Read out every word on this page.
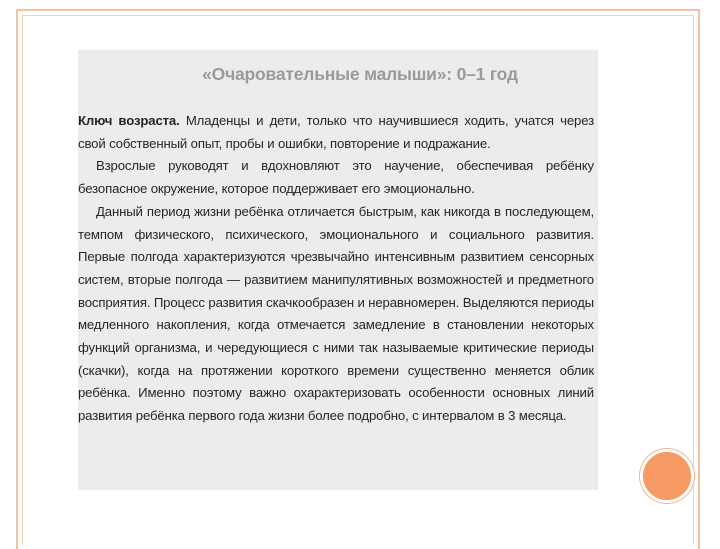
«Очаровательные малыши»: 0–1 год

Ключ возраста. Младенцы и дети, только что научившиеся ходить, учатся через свой собственный опыт, пробы и ошибки, повторение и подражание.

Взрослые руководят и вдохновляют это научение, обеспечивая ребёнку безопасное окружение, которое поддерживает его эмоционально.

Данный период жизни ребёнка отличается быстрым, как никогда в последующем, темпом физического, психического, эмоционального и социального развития. Первые полгода характеризуются чрезвычайно интенсивным развитием сенсорных систем, вторые полгода — развитием манипулятивных возможностей и предметного восприятия. Процесс развития скачкообразен и неравномерен. Выделяются периоды медленного накопления, когда отмечается замедление в становлении некоторых функций организма, и чередующиеся с ними так называемые критические периоды (скачки), когда на протяжении короткого времени существенно меняется облик ребёнка. Именно поэтому важно охарактеризовать особенности основных линий развития ребёнка первого года жизни более подробно, с интервалом в 3 месяца.
